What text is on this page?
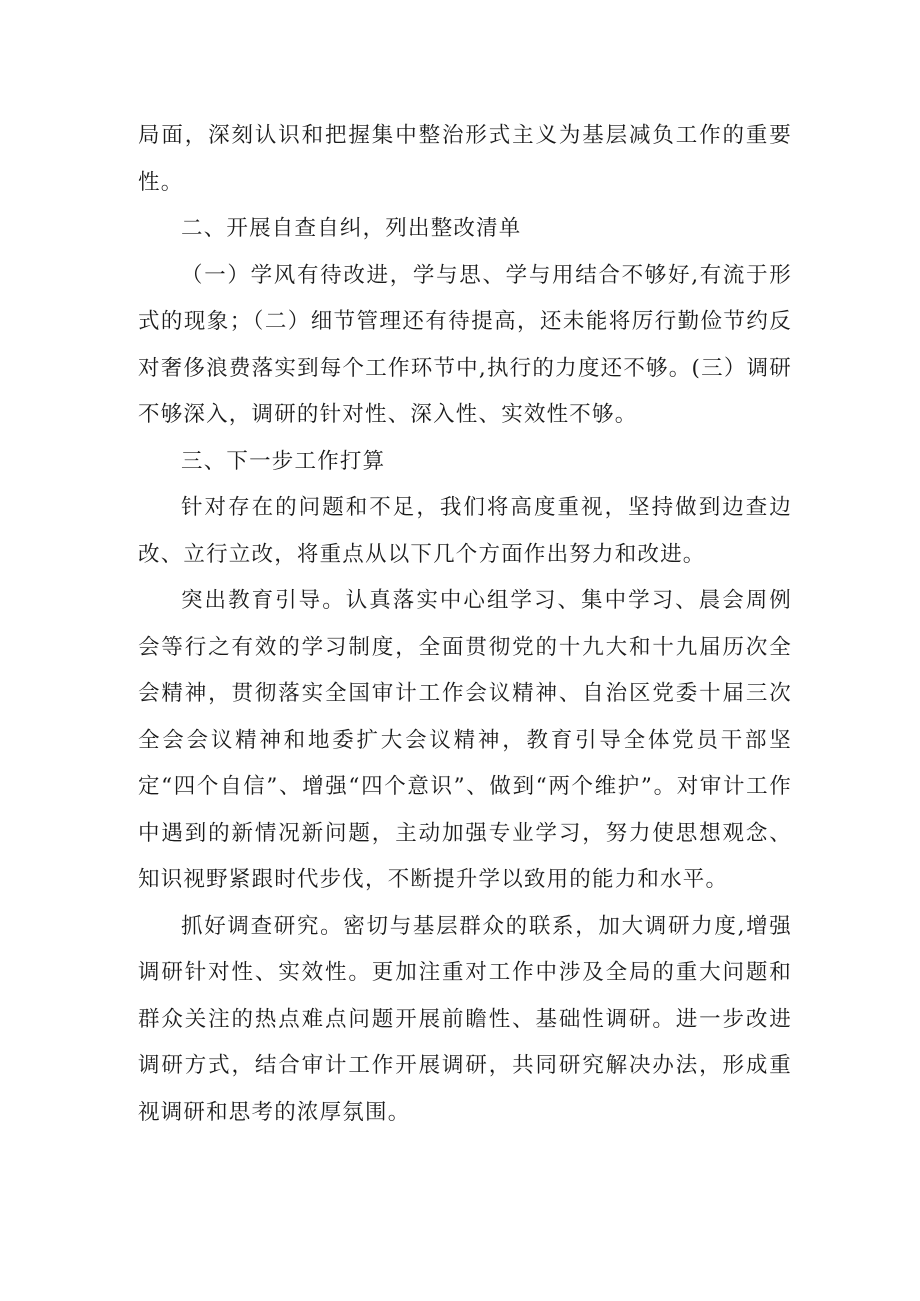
局面，深刻认识和把握集中整治形式主义为基层减负工作的重要性。

二、开展自查自纠，列出整改清单

（一）学风有待改进，学与思、学与用结合不够好,有流于形式的现象；（二）细节管理还有待提高，还未能将厉行勤俭节约反对奢侈浪费落实到每个工作环节中,执行的力度还不够。(三）调研不够深入，调研的针对性、深入性、实效性不够。

三、下一步工作打算

针对存在的问题和不足，我们将高度重视，坚持做到边查边改、立行立改，将重点从以下几个方面作出努力和改进。

突出教育引导。认真落实中心组学习、集中学习、晨会周例会等行之有效的学习制度，全面贯彻党的十九大和十九届历次全会精神，贯彻落实全国审计工作会议精神、自治区党委十届三次全会会议精神和地委扩大会议精神，教育引导全体党员干部坚定“四个自信”、增强“四个意识”、做到“两个维护”。对审计工作中遇到的新情况新问题，主动加强专业学习，努力使思想观念、知识视野紧跟时代步伐，不断提升学以致用的能力和水平。

抓好调查研究。密切与基层群众的联系，加大调研力度,增强调研针对性、实效性。更加注重对工作中涉及全局的重大问题和群众关注的热点难点问题开展前瞻性、基础性调研。进一步改进调研方式，结合审计工作开展调研，共同研究解决办法，形成重视调研和思考的浓厚氛围。
